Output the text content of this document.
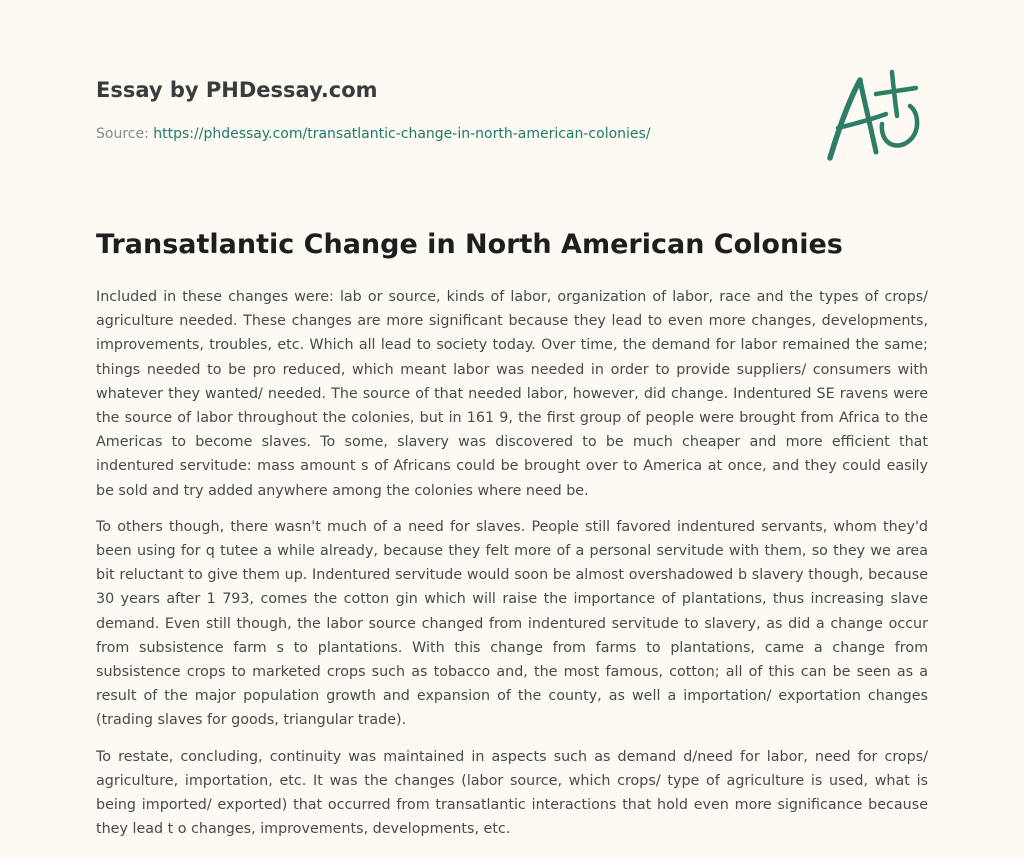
Essay by PHDessay.com
Source: https://phdessay.com/transatlantic-change-in-north-american-colonies/
Transatlantic Change in North American Colonies

Included in these changes were: lab or source, kinds of labor, organization of labor, race and the types of crops/ agriculture needed. These changes are more significant because they lead to even more changes, developments, improvements, troubles, etc. Which all lead to society today. Over time, the demand for labor remained the same; things needed to be pro reduced, which meant labor was needed in order to provide suppliers/ consumers with whatever they wanted/ needed. The source of that needed labor, however, did change. Indentured SE ravens were the source of labor throughout the colonies, but in 161 9, the first group of people were brought from Africa to the Americas to become slaves. To some, slavery was discovered to be much cheaper and more efficient that indentured servitude: mass amount s of Africans could be brought over to America at once, and they could easily be sold and try added anywhere among the colonies where need be.

To others though, there wasn't much of a need for slaves. People still favored indentured servants, whom they'd been using for q tutee a while already, because they felt more of a personal servitude with them, so they we area bit reluctant to give them up. Indentured servitude would soon be almost overshadowed b slavery though, because 30 years after 1 793, comes the cotton gin which will raise the importance of plantations, thus increasing slave demand. Even still though, the labor source changed from indentured servitude to slavery, as did a change occur from subsistence farm s to plantations. With this change from farms to plantations, came a change from subsistence crops to marketed crops such as tobacco and, the most famous, cotton; all of this can be seen as a result of the major population growth and expansion of the county, as well a importation/ exportation changes (trading slaves for goods, triangular trade).

To restate, concluding, continuity was maintained in aspects such as demand d/need for labor, need for crops/ agriculture, importation, etc. It was the changes (labor source, which crops/ type of agriculture is used, what is being imported/ exported) that occurred from transatlantic interactions that hold even more significance because they lead t o changes, improvements, developments, etc.
